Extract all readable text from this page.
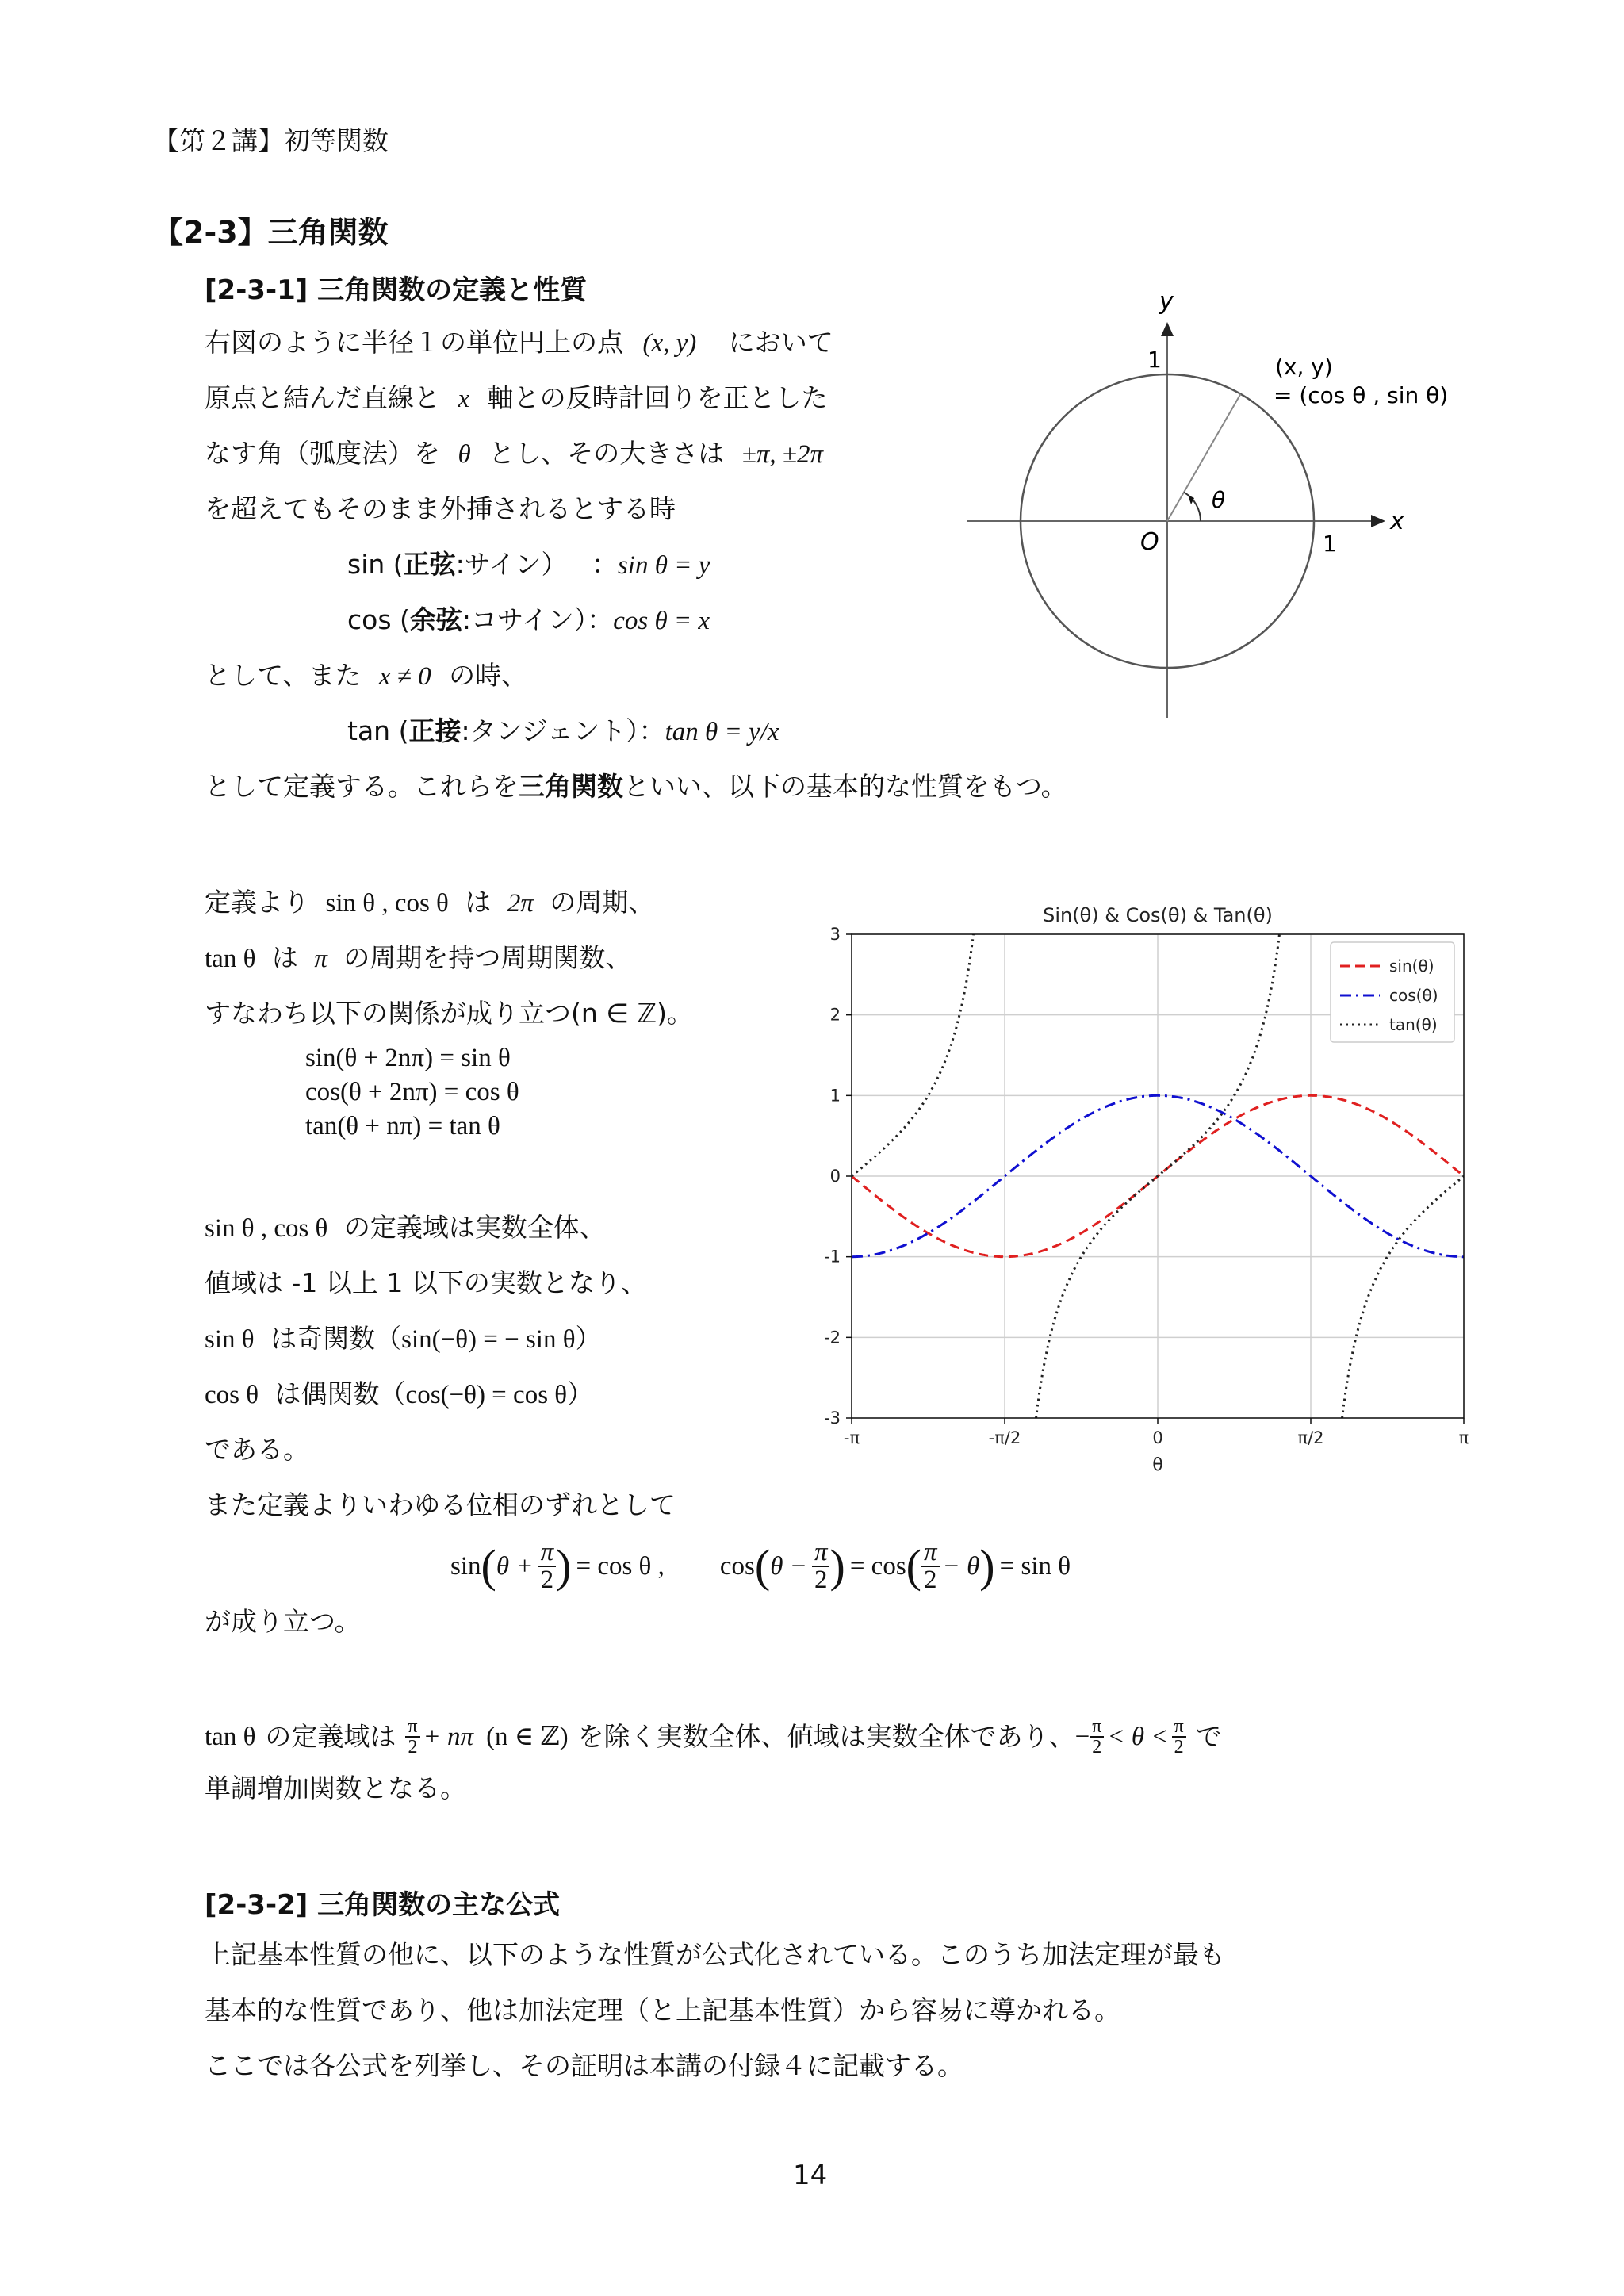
【第２講】初等関数
【2-3】三角関数
[2-3-1] 三角関数の定義と性質
右図のように半径１の単位円上の点 (x, y) において
原点と結んだ直線と x 軸との反時計回りを正とした
なす角（弧度法）を θ とし、その大きさは ±π, ±2π
を超えてもそのまま外挿されるとする時
sin (正弦:サイン） ：sin θ = y
cos (余弦:コサイン）：cos θ = x
として、また x ≠ 0 の時、
tan (正接:タンジェント）：tan θ = y/x
として定義する。これらを三角関数といい、以下の基本的な性質をもつ。
y
x
1
1
O
θ
(x, y)
= (cos θ , sin θ)
定義より sin θ , cos θ は 2π の周期、
tan θ は π の周期を持つ周期関数、
すなわち以下の関係が成り立つ(n ∈ ℤ)。
sin(θ + 2nπ) = sin θ
cos(θ + 2nπ) = cos θ
tan(θ + nπ) = tan θ
sin θ , cos θ の定義域は実数全体、
値域は -1 以上 1 以下の実数となり、
sin θ は奇関数（sin(−θ) = − sin θ）
cos θ は偶関数（cos(−θ) = cos θ）
である。
また定義よりいわゆる位相のずれとして
sin ( $\theta + \frac{\pi}{2}$ ) = cos θ , cos ( $\theta - \frac{\pi}{2}$ ) = cos ( $\frac{\pi}{2} - \theta$ ) = sin θ
が成り立つ。
tan θ の定義域は $\frac{\pi}{2} + n\pi$ (n ∈ ℤ) を除く実数全体、値域は実数全体であり、 − $\frac{\pi}{2} < \theta < \frac{\pi}{2}$ で
単調増加関数となる。
[2-3-2] 三角関数の主な公式
上記基本性質の他に、以下のような性質が公式化されている。このうち加法定理が最も
基本的な性質であり、他は加法定理（と上記基本性質）から容易に導かれる。
ここでは各公式を列挙し、その証明は本講の付録４に記載する。
14
Sin(θ) & Cos(θ) & Tan(θ)
-π	-π/2	0	π/2	π
3
2
1
0
-1
-2
-3
θ
sin(θ)
cos(θ)
tan(θ)
